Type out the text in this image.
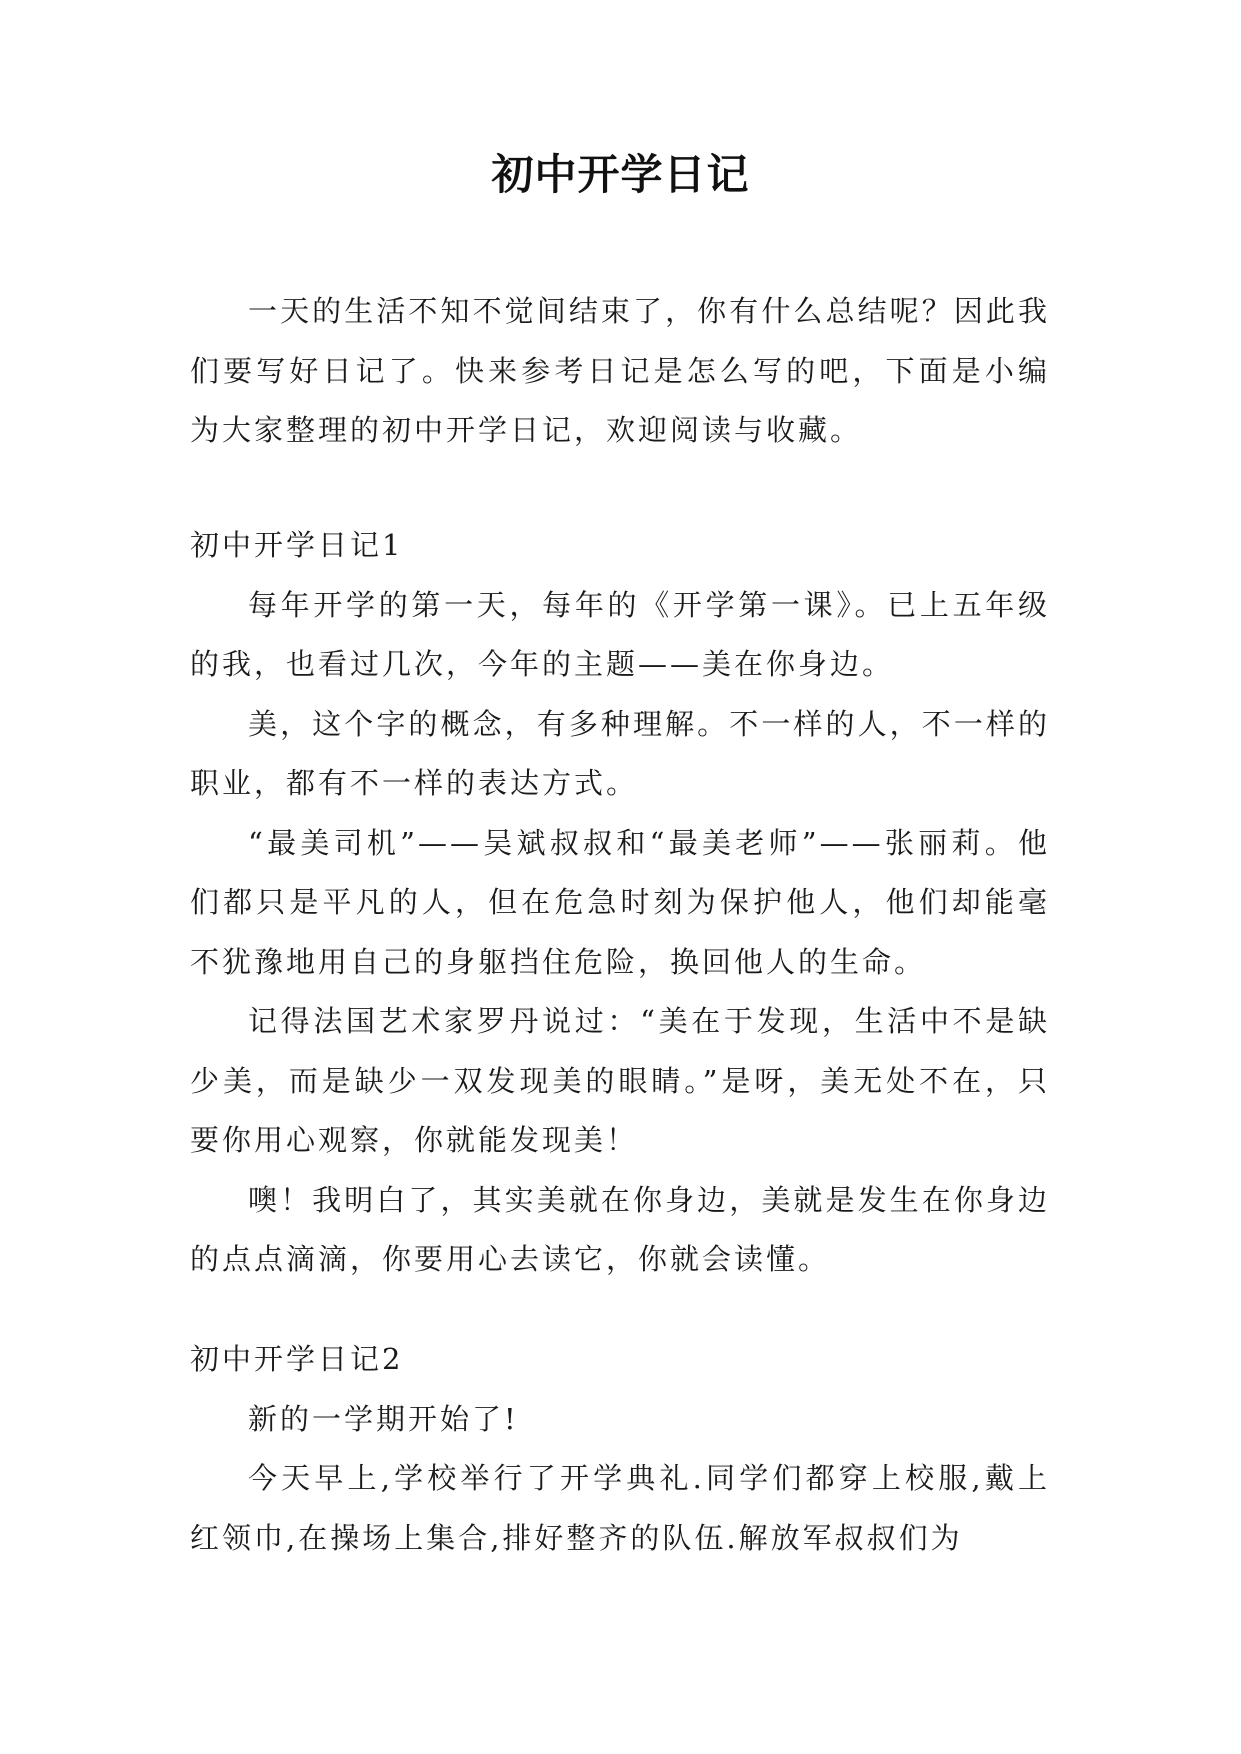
初中开学日记

一天的生活不知不觉间结束了，你有什么总结呢？因此我们要写好日记了。快来参考日记是怎么写的吧，下面是小编为大家整理的初中开学日记，欢迎阅读与收藏。

初中开学日记1

每年开学的第一天，每年的《开学第一课》。已上五年级的我，也看过几次，今年的主题——美在你身边。

美，这个字的概念，有多种理解。不一样的人，不一样的职业，都有不一样的表达方式。

“最美司机”——吴斌叔叔和“最美老师”——张丽莉。他们都只是平凡的人，但在危急时刻为保护他人，他们却能毫不犹豫地用自己的身躯挡住危险，换回他人的生命。

记得法国艺术家罗丹说过：“美在于发现，生活中不是缺少美，而是缺少一双发现美的眼睛。”是呀，美无处不在，只要你用心观察，你就能发现美！

噢！我明白了，其实美就在你身边，美就是发生在你身边的点点滴滴，你要用心去读它，你就会读懂。

初中开学日记2

新的一学期开始了!

今天早上,学校举行了开学典礼.同学们都穿上校服,戴上红领巾,在操场上集合,排好整齐的队伍.解放军叔叔们为
